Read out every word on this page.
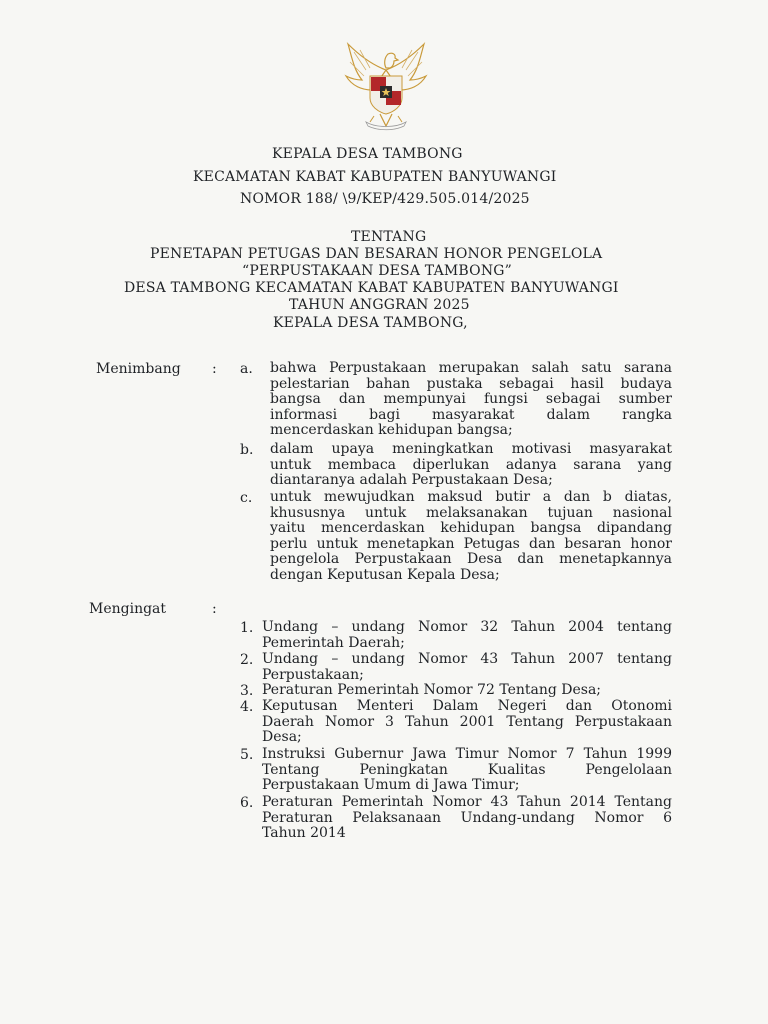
KEPALA DESA TAMBONG
KECAMATAN KABAT KABUPATEN BANYUWANGI
NOMOR 188/ \9/KEP/429.505.014/2025
TENTANG
PENETAPAN PETUGAS DAN BESARAN HONOR PENGELOLA
“PERPUSTAKAAN DESA TAMBONG”
DESA TAMBONG KECAMATAN KABAT KABUPATEN BANYUWANGI
TAHUN ANGGRAN 2025
KEPALA DESA TAMBONG,
Menimbang : a. bahwa Perpustakaan merupakan salah satu sarana
pelestarian bahan pustaka sebagai hasil budaya
bangsa dan mempunyai fungsi sebagai sumber
informasi bagi masyarakat dalam rangka
mencerdaskan kehidupan bangsa;
b. dalam upaya meningkatkan motivasi masyarakat
untuk membaca diperlukan adanya sarana yang
diantaranya adalah Perpustakaan Desa;
c. untuk mewujudkan maksud butir a dan b diatas,
khususnya untuk melaksanakan tujuan nasional
yaitu mencerdaskan kehidupan bangsa dipandang
perlu untuk menetapkan Petugas dan besaran honor
pengelola Perpustakaan Desa dan menetapkannya
dengan Keputusan Kepala Desa;
Mengingat	:
1. Undang – undang Nomor 32 Tahun 2004 tentang
Pemerintah Daerah;
2. Undang – undang Nomor 43 Tahun 2007 tentang
Perpustakaan;
3. Peraturan Pemerintah Nomor 72 Tentang Desa;
4. Keputusan Menteri Dalam Negeri dan Otonomi
Daerah Nomor 3 Tahun 2001 Tentang Perpustakaan
Desa;
5. Instruksi Gubernur Jawa Timur Nomor 7 Tahun 1999
Tentang Peningkatan Kualitas Pengelolaan
Perpustakaan Umum di Jawa Timur;
6. Peraturan Pemerintah Nomor 43 Tahun 2014 Tentang
Peraturan Pelaksanaan Undang-undang Nomor 6
Tahun 2014
